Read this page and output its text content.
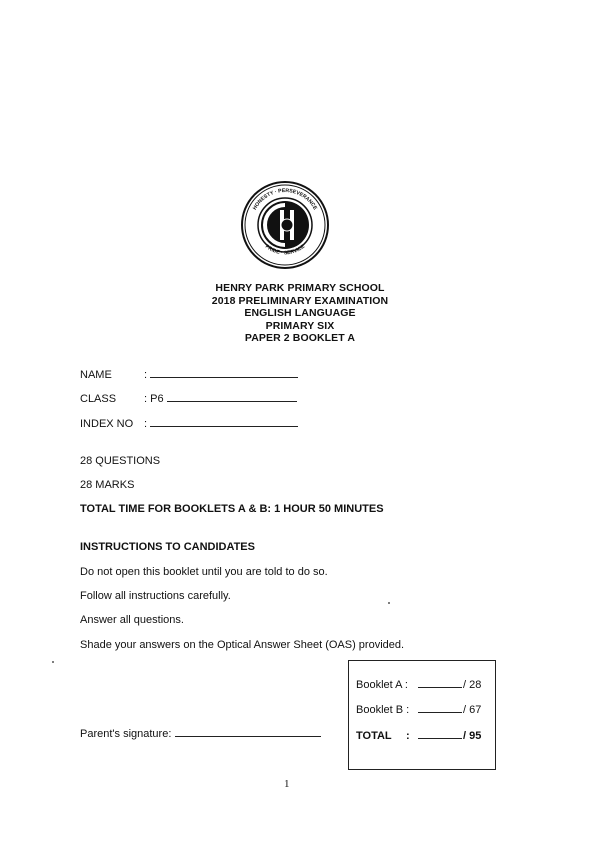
HONESTY · PERSEVERANCE
PRIDE · SERVICE
HENRY PARK PRIMARY SCHOOL
2018 PRELIMINARY EXAMINATION
ENGLISH LANGUAGE
PRIMARY SIX
PAPER 2 BOOKLET A
NAME	:
CLASS	: P6
INDEX NO :
28 QUESTIONS
28 MARKS
TOTAL TIME FOR BOOKLETS A & B: 1 HOUR 50 MINUTES
INSTRUCTIONS TO CANDIDATES
Do not open this booklet until you are told to do so.
Follow all instructions carefully.
Answer all questions.
Shade your answers on the Optical Answer Sheet (OAS) provided.
Parent's signature:
Booklet A :	/ 28
Booklet B :	/ 67
TOTAL :	/ 95
1
